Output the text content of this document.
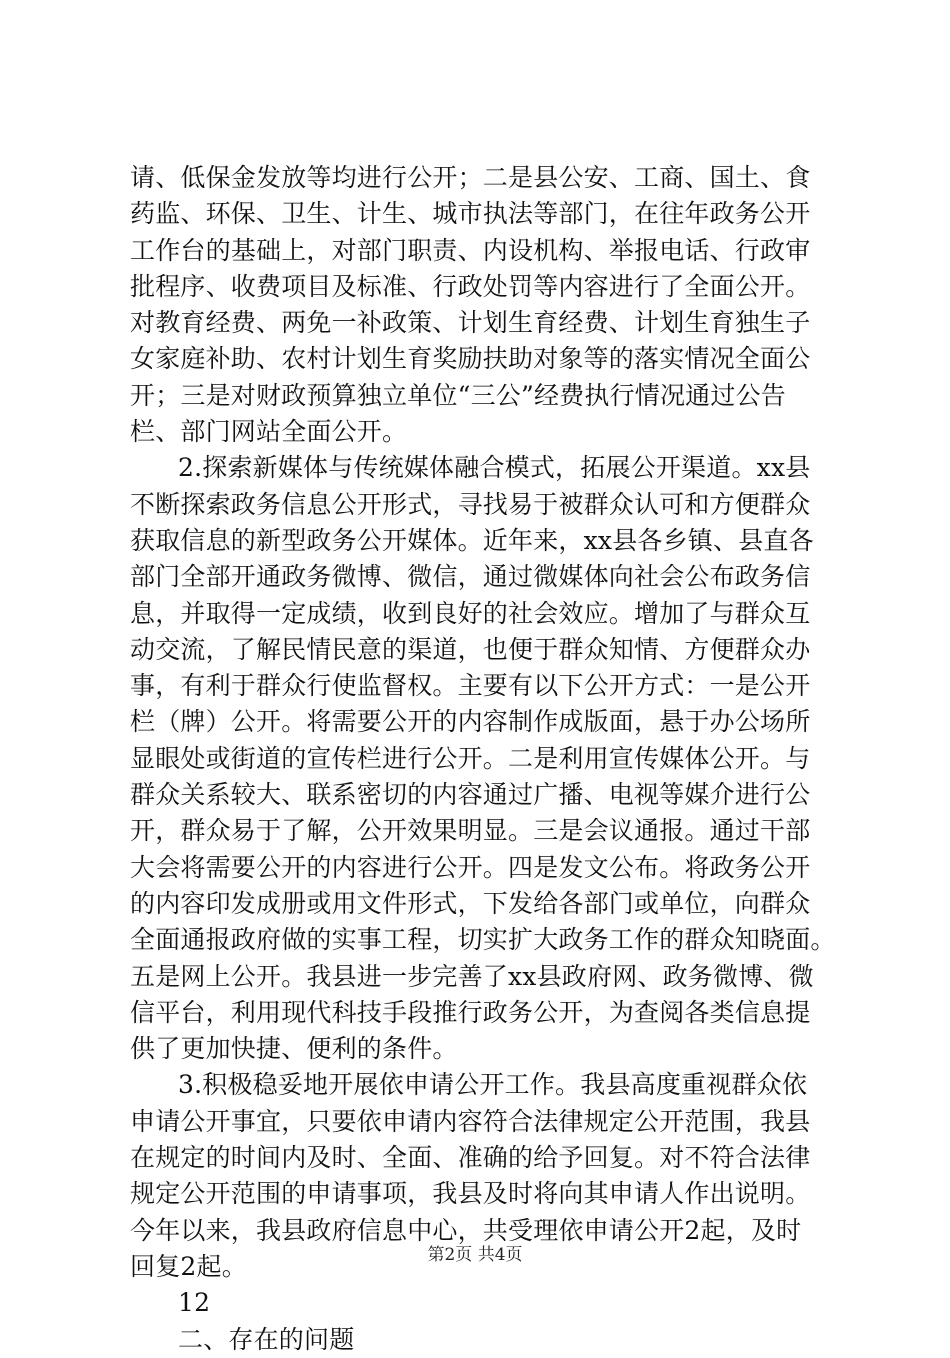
请、低保金发放等均进行公开；二是县公安、工商、国土、食
药监、环保、卫生、计生、城市执法等部门，在往年政务公开
工作台的基础上，对部门职责、内设机构、举报电话、行政审
批程序、收费项目及标准、行政处罚等内容进行了全面公开。
对教育经费、两免一补政策、计划生育经费、计划生育独生子
女家庭补助、农村计划生育奖励扶助对象等的落实情况全面公
开；三是对财政预算独立单位“三公”经费执行情况通过公告
栏、部门网站全面公开。
2.探索新媒体与传统媒体融合模式，拓展公开渠道。xx县
不断探索政务信息公开形式，寻找易于被群众认可和方便群众
获取信息的新型政务公开媒体。近年来，xx县各乡镇、县直各
部门全部开通政务微博、微信，通过微媒体向社会公布政务信
息，并取得一定成绩，收到良好的社会效应。增加了与群众互
动交流，了解民情民意的渠道，也便于群众知情、方便群众办
事，有利于群众行使监督权。主要有以下公开方式：一是公开
栏（牌）公开。将需要公开的内容制作成版面，悬于办公场所
显眼处或街道的宣传栏进行公开。二是利用宣传媒体公开。与
群众关系较大、联系密切的内容通过广播、电视等媒介进行公
开，群众易于了解，公开效果明显。三是会议通报。通过干部
大会将需要公开的内容进行公开。四是发文公布。将政务公开
的内容印发成册或用文件形式，下发给各部门或单位，向群众
全面通报政府做的实事工程，切实扩大政务工作的群众知晓面。
五是网上公开。我县进一步完善了xx县政府网、政务微博、微
信平台，利用现代科技手段推行政务公开，为查阅各类信息提
供了更加快捷、便利的条件。
3.积极稳妥地开展依申请公开工作。我县高度重视群众依
申请公开事宜，只要依申请内容符合法律规定公开范围，我县
在规定的时间内及时、全面、准确的给予回复。对不符合法律
规定公开范围的申请事项，我县及时将向其申请人作出说明。
今年以来，我县政府信息中心，共受理依申请公开2起，及时
回复2起。
12
二、存在的问题
第2页 共4页
